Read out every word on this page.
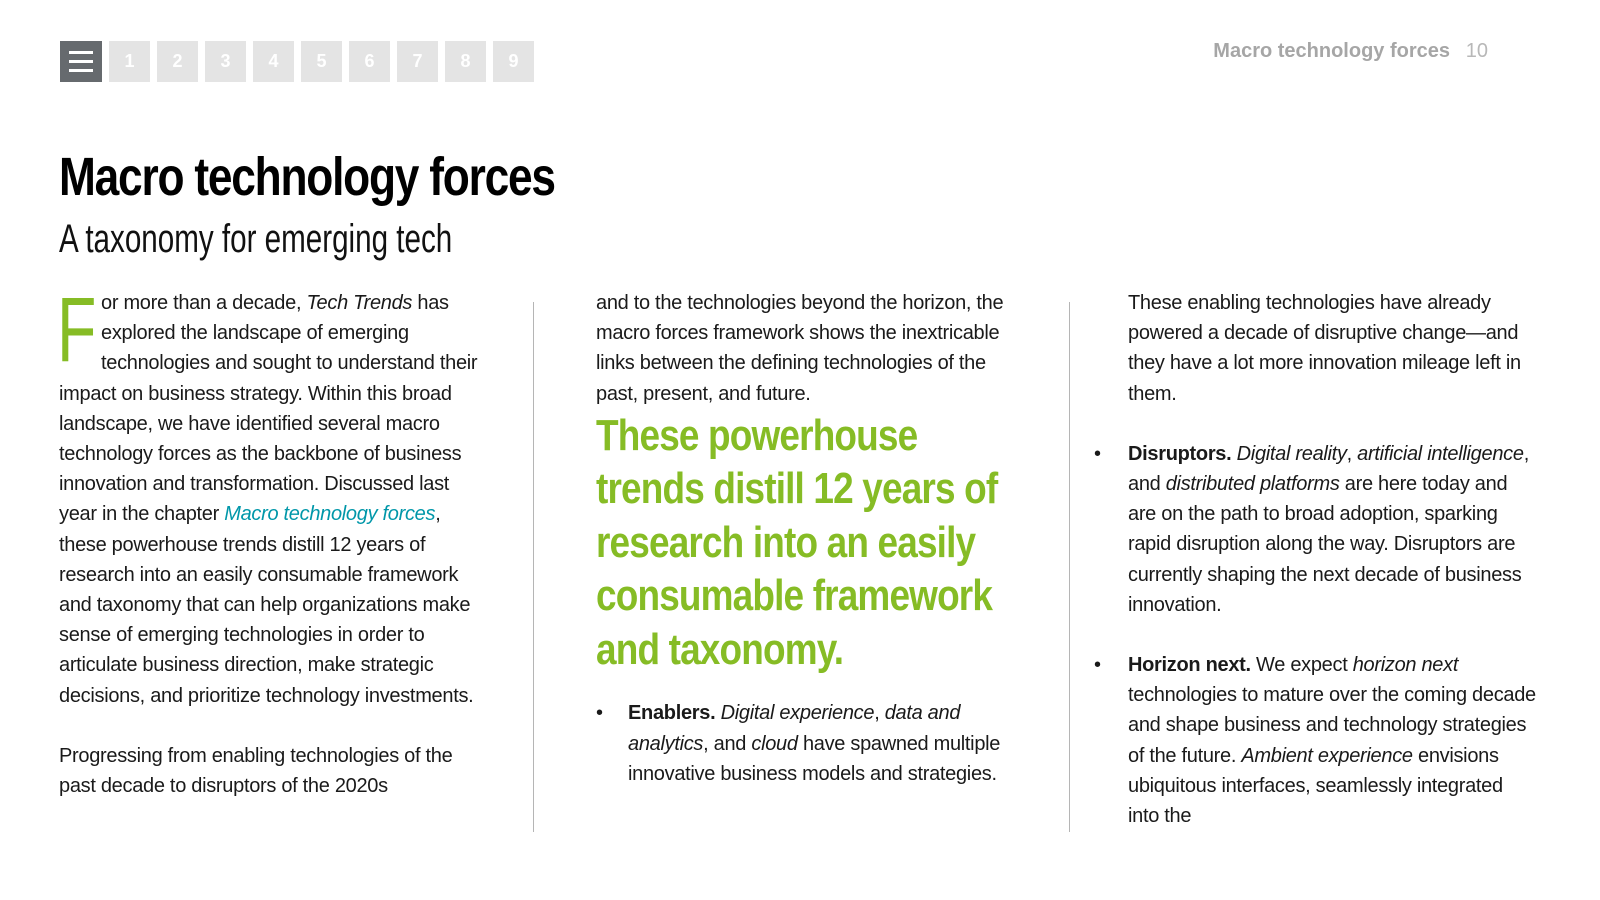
1	2	3	4	5	6	7	8	9	Macro technology forces 10
Macro technology forces
A taxonomy for emerging tech

For more than a decade, Tech Trends has explored the landscape of emerging technologies and sought to understand their impact on business strategy. Within this broad landscape, we have identified several macro technology forces as the backbone of business innovation and transformation. Discussed last year in the chapter Macro technology forces, these powerhouse trends distill 12 years of research into an easily consumable framework and taxonomy that can help organizations make sense of emerging technologies in order to articulate business direction, make strategic decisions, and prioritize technology investments.

Progressing from enabling technologies of the past decade to disruptors of the 2020s

and to the technologies beyond the horizon, the macro forces framework shows the inextricable links between the defining technologies of the past, present, and future.

These powerhouse trends distill 12 years of research into an easily consumable framework and taxonomy.

• Enablers. Digital experience, data and analytics, and cloud have spawned multiple innovative business models and strategies.

These enabling technologies have already powered a decade of disruptive change—and they have a lot more innovation mileage left in them.

• Disruptors. Digital reality, artificial intelligence, and distributed platforms are here today and are on the path to broad adoption, sparking rapid disruption along the way. Disruptors are currently shaping the next decade of business innovation.
• Horizon next. We expect horizon next technologies to mature over the coming decade and shape business and technology strategies of the future. Ambient experience envisions ubiquitous interfaces, seamlessly integrated into the
